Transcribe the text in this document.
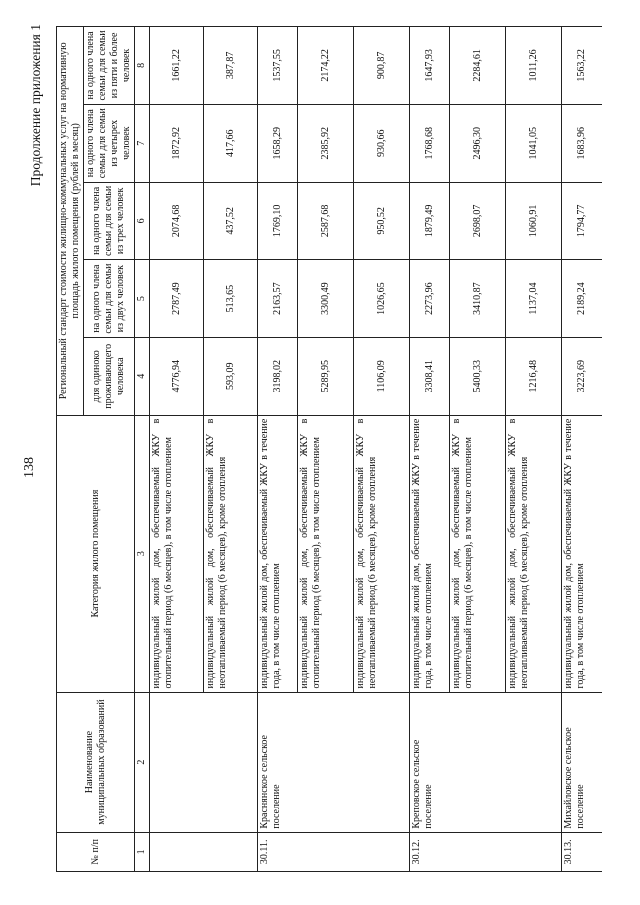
138
Продолжение приложения 1
№ п/п	Наименование муниципальных образований	Категория жилого помещения	Региональный стандарт стоимости жилищно-коммунальных услуг на нормативную площадь жилого помещения (рублей в месяц)				
			для одиноко проживающего человека	на одного члена семьи для семьи из двух человек	на одного члена семьи для семьи из трех человек	на одного члена семьи для семьи из четырех человек	на одного члена семьи для семьи из пяти и более человек
1	2	3	4	5	6	7	8
		индивидуальный жилой дом, обеспечиваемый ЖКУ в отопительный период (6 месяцев), в том числе отоплением	4776,94	2787,49	2074,68	1872,92	1661,22
		индивидуальный жилой дом, обеспечиваемый ЖКУ в неотапливаемый период (6 месяцев), кроме отопления	593,09	513,65	437,52	417,66	387,87
30.11.	Краснянское сельское поселение	индивидуальный жилой дом, обеспечиваемый ЖКУ в течение года, в том числе отоплением	3198,02	2163,57	1769,10	1658,29	1537,55
		индивидуальный жилой дом, обеспечиваемый ЖКУ в отопительный период (6 месяцев), в том числе отоплением	5289,95	3300,49	2587,68	2385,92	2174,22
		индивидуальный жилой дом, обеспечиваемый ЖКУ в неотапливаемый период (6 месяцев), кроме отопления	1106,09	1026,65	950,52	930,66	900,87
30.12.	Креповское сельское поселение	индивидуальный жилой дом, обеспечиваемый ЖКУ в течение года, в том числе отоплением	3308,41	2273,96	1879,49	1768,68	1647,93
		индивидуальный жилой дом, обеспечиваемый ЖКУ в отопительный период (6 месяцев), в том числе отоплением	5400,33	3410,87	2698,07	2496,30	2284,61
		индивидуальный жилой дом, обеспечиваемый ЖКУ в неотапливаемый период (6 месяцев), кроме отопления	1216,48	1137,04	1060,91	1041,05	1011,26
30.13.	Михайловское сельское поселение	индивидуальный жилой дом, обеспечиваемый ЖКУ в течение года, в том числе отоплением	3223,69	2189,24	1794,77	1683,96	1563,22
